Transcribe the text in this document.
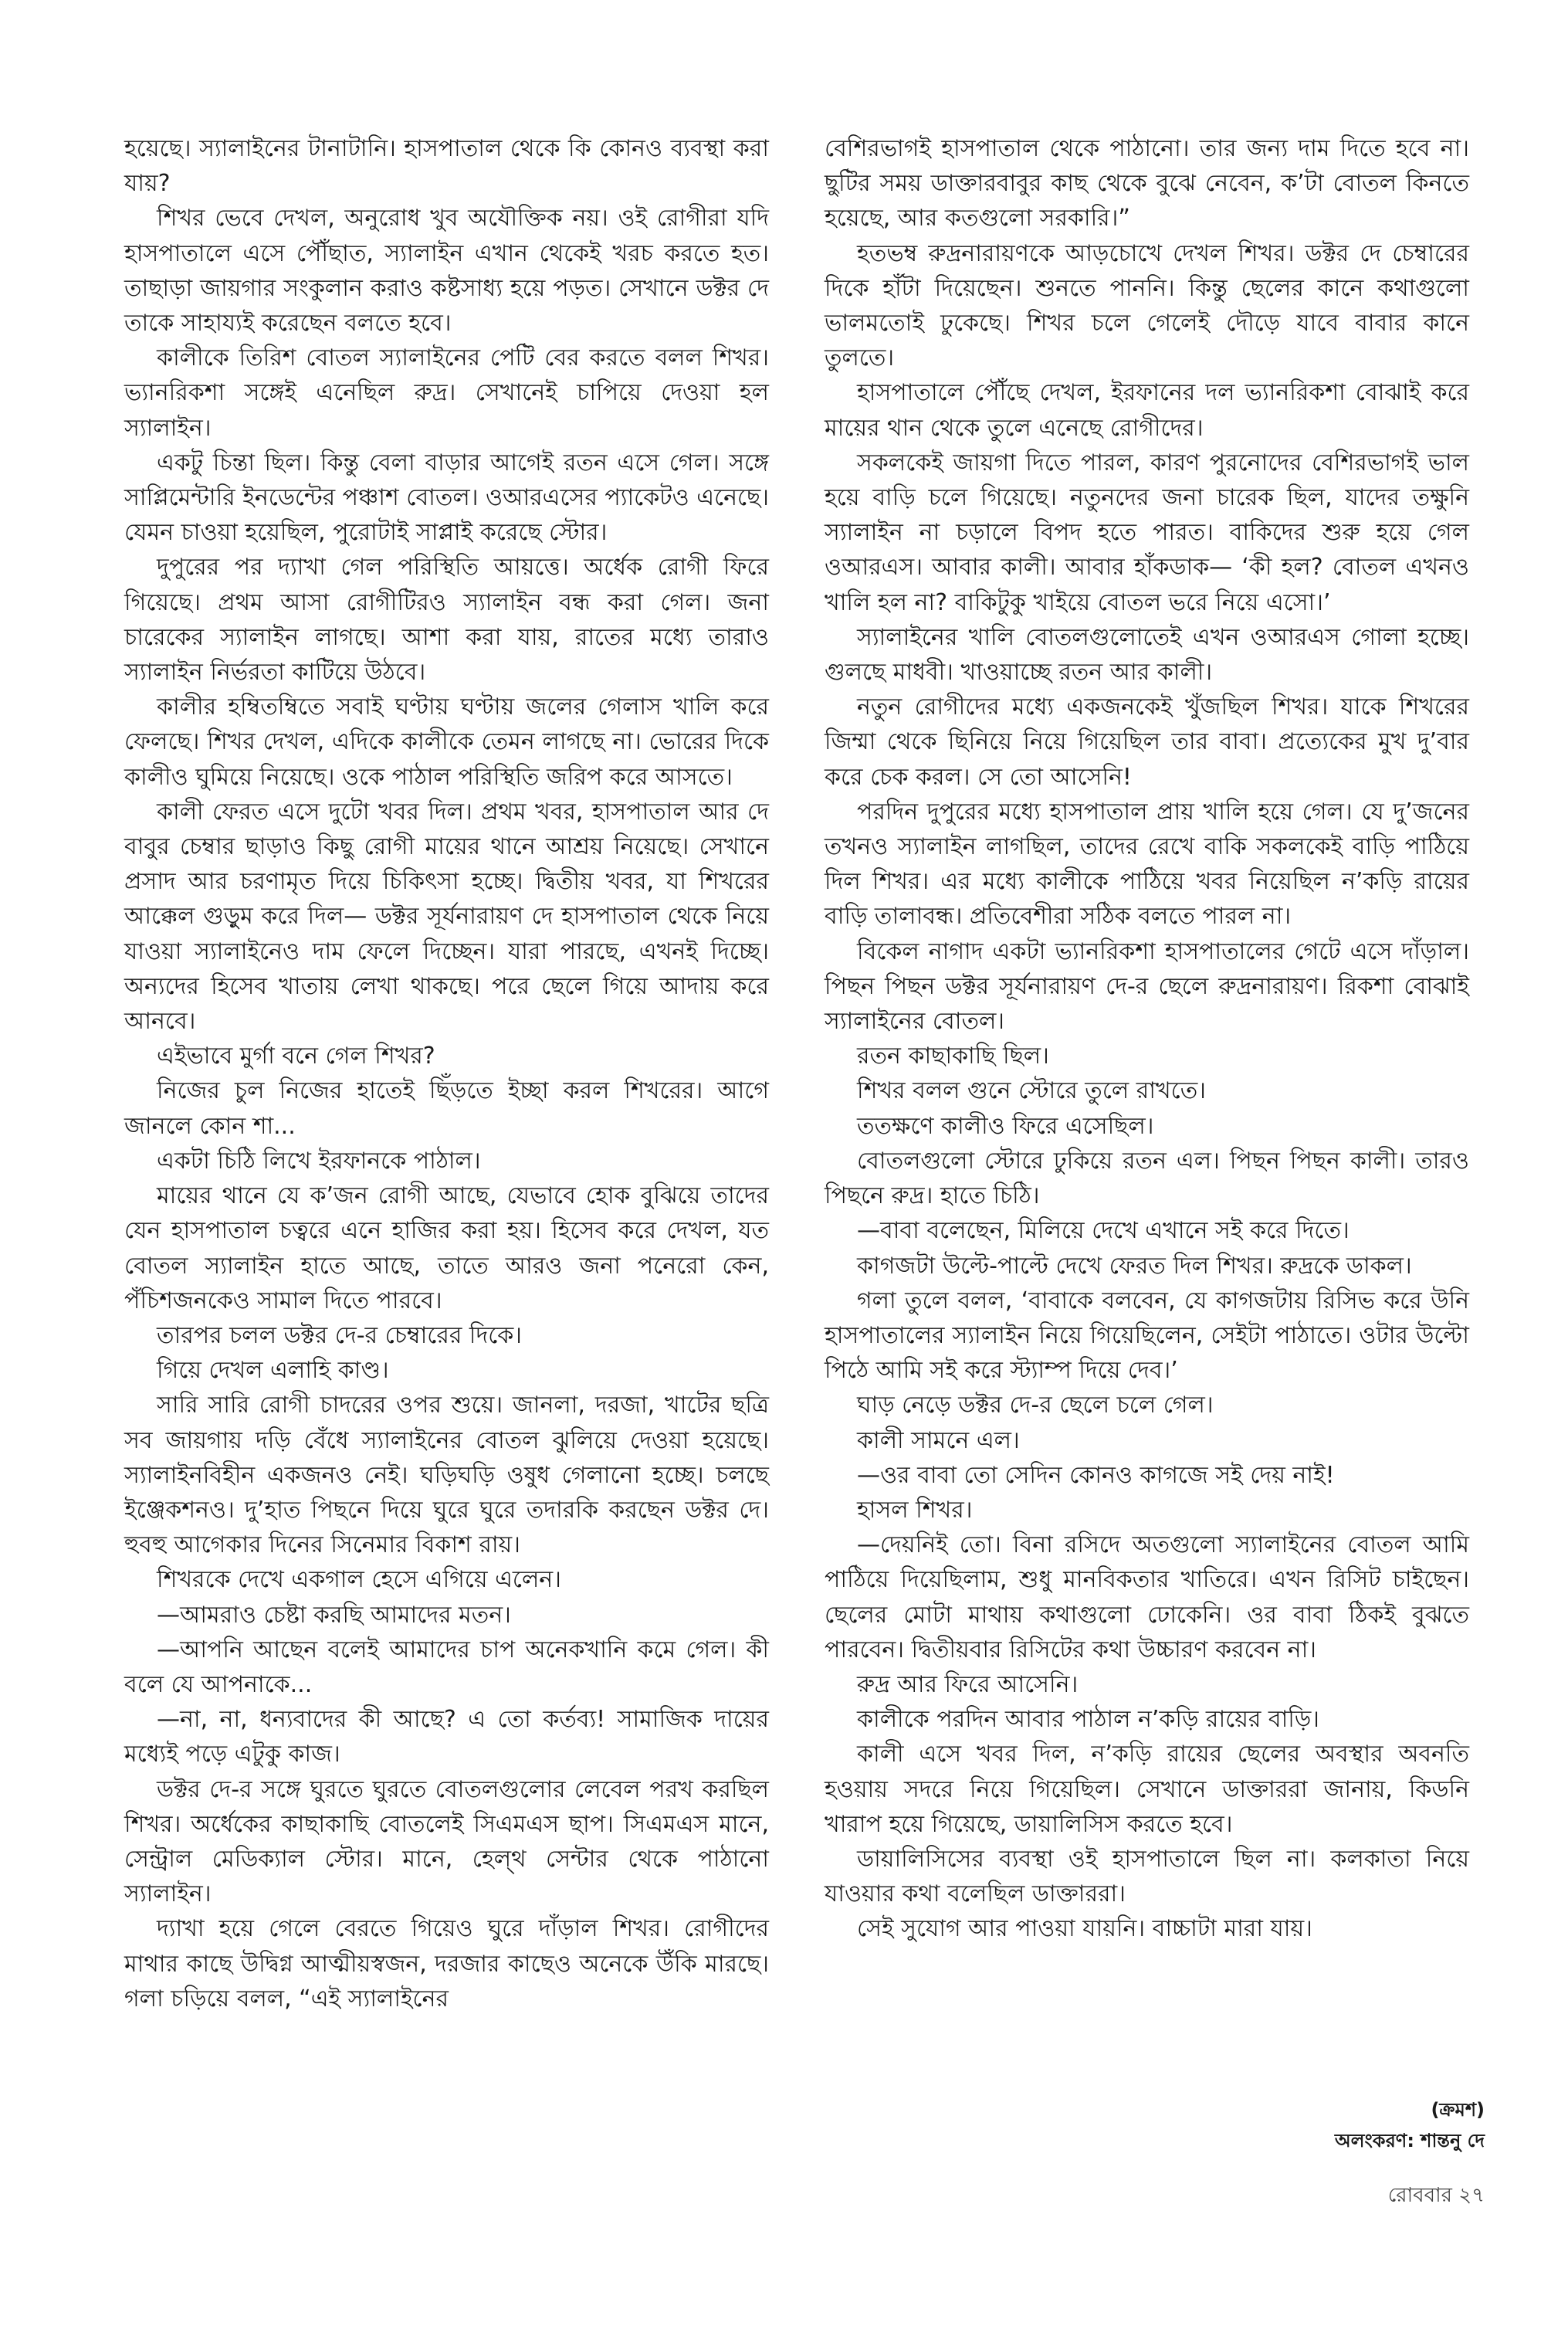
হয়েছে। স্যালাইনের টানাটানি। হাসপাতাল থেকে কি কোনও ব্যবস্থা করা যায়?

শিখর ভেবে দেখল, অনুরোধ খুব অযৌক্তিক নয়। ওই রোগীরা যদি হাসপাতালে এসে পৌঁছাত, স্যালাইন এখান থেকেই খরচ করতে হত। তাছাড়া জায়গার সংকুলান করাও কষ্টসাধ্য হয়ে পড়ত। সেখানে ডক্টর দে তাকে সাহায্যই করেছেন বলতে হবে।

কালীকে তিরিশ বোতল স্যালাইনের পেটি বের করতে বলল শিখর। ভ্যানরিকশা সঙ্গেই এনেছিল রুদ্র। সেখানেই চাপিয়ে দেওয়া হল স্যালাইন।

একটু চিন্তা ছিল। কিন্তু বেলা বাড়ার আগেই রতন এসে গেল। সঙ্গে সাপ্লিমেন্টারি ইনডেন্টের পঞ্চাশ বোতল। ওআরএসের প্যাকেটও এনেছে। যেমন চাওয়া হয়েছিল, পুরোটাই সাপ্লাই করেছে স্টোর।

দুপুরের পর দ্যাখা গেল পরিস্থিতি আয়ত্তে। অর্ধেক রোগী ফিরে গিয়েছে। প্রথম আসা রোগীটিরও স্যালাইন বন্ধ করা গেল। জনা চারেকের স্যালাইন লাগছে। আশা করা যায়, রাতের মধ্যে তারাও স্যালাইন নির্ভরতা কাটিয়ে উঠবে।

কালীর হম্বিতম্বিতে সবাই ঘণ্টায় ঘণ্টায় জলের গেলাস খালি করে ফেলছে। শিখর দেখল, এদিকে কালীকে তেমন লাগছে না। ভোরের দিকে কালীও ঘুমিয়ে নিয়েছে। ওকে পাঠাল পরিস্থিতি জরিপ করে আসতে।

কালী ফেরত এসে দুটো খবর দিল। প্রথম খবর, হাসপাতাল আর দে বাবুর চেম্বার ছাড়াও কিছু রোগী মায়ের থানে আশ্রয় নিয়েছে। সেখানে প্রসাদ আর চরণামৃত দিয়ে চিকিৎসা হচ্ছে। দ্বিতীয় খবর, যা শিখরের আক্কেল গুড়ুম করে দিল— ডক্টর সূর্যনারায়ণ দে হাসপাতাল থেকে নিয়ে যাওয়া স্যালাইনেও দাম ফেলে দিচ্ছেন। যারা পারছে, এখনই দিচ্ছে। অন্যদের হিসেব খাতায় লেখা থাকছে। পরে ছেলে গিয়ে আদায় করে আনবে।

এইভাবে মুর্গা বনে গেল শিখর?

নিজের চুল নিজের হাতেই ছিঁড়তে ইচ্ছা করল শিখরের। আগে জানলে কোন শা...

একটা চিঠি লিখে ইরফানকে পাঠাল।

মায়ের থানে যে ক’জন রোগী আছে, যেভাবে হোক বুঝিয়ে তাদের যেন হাসপাতাল চত্বরে এনে হাজির করা হয়। হিসেব করে দেখল, যত বোতল স্যালাইন হাতে আছে, তাতে আরও জনা পনেরো কেন, পঁচিশজনকেও সামাল দিতে পারবে।

তারপর চলল ডক্টর দে-র চেম্বারের দিকে।

গিয়ে দেখল এলাহি কাণ্ড।

সারি সারি রোগী চাদরের ওপর শুয়ে। জানলা, দরজা, খাটের ছত্রি সব জায়গায় দড়ি বেঁধে স্যালাইনের বোতল ঝুলিয়ে দেওয়া হয়েছে। স্যালাইনবিহীন একজনও নেই। ঘড়িঘড়ি ওষুধ গেলানো হচ্ছে। চলছে ইঞ্জেকশনও। দু’হাত পিছনে দিয়ে ঘুরে ঘুরে তদারকি করছেন ডক্টর দে। হুবহু আগেকার দিনের সিনেমার বিকাশ রায়।

শিখরকে দেখে একগাল হেসে এগিয়ে এলেন।

—আমরাও চেষ্টা করছি আমাদের মতন।

—আপনি আছেন বলেই আমাদের চাপ অনেকখানি কমে গেল। কী বলে যে আপনাকে...

—না, না, ধন্যবাদের কী আছে? এ তো কর্তব্য! সামাজিক দায়ের মধ্যেই পড়ে এটুকু কাজ।

ডক্টর দে-র সঙ্গে ঘুরতে ঘুরতে বোতলগুলোর লেবেল পরখ করছিল শিখর। অর্ধেকের কাছাকাছি বোতলেই সিএমএস ছাপ। সিএমএস মানে, সেন্ট্রাল মেডিক্যাল স্টোর। মানে, হেল্‌থ সেন্টার থেকে পাঠানো স্যালাইন।

দ্যাখা হয়ে গেলে বেরতে গিয়েও ঘুরে দাঁড়াল শিখর। রোগীদের মাথার কাছে উদ্বিগ্ন আত্মীয়স্বজন, দরজার কাছেও অনেকে উঁকি মারছে। গলা চড়িয়ে বলল, “এই স্যালাইনের

বেশিরভাগই হাসপাতাল থেকে পাঠানো। তার জন্য দাম দিতে হবে না। ছুটির সময় ডাক্তারবাবুর কাছ থেকে বুঝে নেবেন, ক’টা বোতল কিনতে হয়েছে, আর কতগুলো সরকারি।”

হতভম্ব রুদ্রনারায়ণকে আড়চোখে দেখল শিখর। ডক্টর দে চেম্বারের দিকে হাঁটা দিয়েছেন। শুনতে পাননি। কিন্তু ছেলের কানে কথাগুলো ভালমতোই ঢুকেছে। শিখর চলে গেলেই দৌড়ে যাবে বাবার কানে তুলতে।

হাসপাতালে পৌঁছে দেখল, ইরফানের দল ভ্যানরিকশা বোঝাই করে মায়ের থান থেকে তুলে এনেছে রোগীদের।

সকলকেই জায়গা দিতে পারল, কারণ পুরনোদের বেশিরভাগই ভাল হয়ে বাড়ি চলে গিয়েছে। নতুনদের জনা চারেক ছিল, যাদের তক্ষুনি স্যালাইন না চড়ালে বিপদ হতে পারত। বাকিদের শুরু হয়ে গেল ওআরএস। আবার কালী। আবার হাঁকডাক— ‘কী হল? বোতল এখনও খালি হল না? বাকিটুকু খাইয়ে বোতল ভরে নিয়ে এসো।’

স্যালাইনের খালি বোতলগুলোতেই এখন ওআরএস গোলা হচ্ছে। গুলছে মাধবী। খাওয়াচ্ছে রতন আর কালী।

নতুন রোগীদের মধ্যে একজনকেই খুঁজছিল শিখর। যাকে শিখরের জিম্মা থেকে ছিনিয়ে নিয়ে গিয়েছিল তার বাবা। প্রত্যেকের মুখ দু’বার করে চেক করল। সে তো আসেনি!

পরদিন দুপুরের মধ্যে হাসপাতাল প্রায় খালি হয়ে গেল। যে দু’জনের তখনও স্যালাইন লাগছিল, তাদের রেখে বাকি সকলকেই বাড়ি পাঠিয়ে দিল শিখর। এর মধ্যে কালীকে পাঠিয়ে খবর নিয়েছিল ন’কড়ি রায়ের বাড়ি তালাবন্ধ। প্রতিবেশীরা সঠিক বলতে পারল না।

বিকেল নাগাদ একটা ভ্যানরিকশা হাসপাতালের গেটে এসে দাঁড়াল। পিছন পিছন ডক্টর সূর্যনারায়ণ দে-র ছেলে রুদ্রনারায়ণ। রিকশা বোঝাই স্যালাইনের বোতল।

রতন কাছাকাছি ছিল।

শিখর বলল গুনে স্টোরে তুলে রাখতে।

ততক্ষণে কালীও ফিরে এসেছিল।

বোতলগুলো স্টোরে ঢুকিয়ে রতন এল। পিছন পিছন কালী। তারও পিছনে রুদ্র। হাতে চিঠি।

—বাবা বলেছেন, মিলিয়ে দেখে এখানে সই করে দিতে।

কাগজটা উল্টে-পাল্টে দেখে ফেরত দিল শিখর। রুদ্রকে ডাকল।

গলা তুলে বলল, ‘বাবাকে বলবেন, যে কাগজটায় রিসিভ করে উনি হাসপাতালের স্যালাইন নিয়ে গিয়েছিলেন, সেইটা পাঠাতে। ওটার উল্টো পিঠে আমি সই করে স্ট্যাম্প দিয়ে দেব।’

ঘাড় নেড়ে ডক্টর দে-র ছেলে চলে গেল।

কালী সামনে এল।

—ওর বাবা তো সেদিন কোনও কাগজে সই দেয় নাই!

হাসল শিখর।

—দেয়নিই তো। বিনা রসিদে অতগুলো স্যালাইনের বোতল আমি পাঠিয়ে দিয়েছিলাম, শুধু মানবিকতার খাতিরে। এখন রিসিট চাইছেন। ছেলের মোটা মাথায় কথাগুলো ঢোকেনি। ওর বাবা ঠিকই বুঝতে পারবেন। দ্বিতীয়বার রিসিটের কথা উচ্চারণ করবেন না।

রুদ্র আর ফিরে আসেনি।

কালীকে পরদিন আবার পাঠাল ন’কড়ি রায়ের বাড়ি।

কালী এসে খবর দিল, ন’কড়ি রায়ের ছেলের অবস্থার অবনতি হওয়ায় সদরে নিয়ে গিয়েছিল। সেখানে ডাক্তাররা জানায়, কিডনি খারাপ হয়ে গিয়েছে, ডায়ালিসিস করতে হবে।

ডায়ালিসিসের ব্যবস্থা ওই হাসপাতালে ছিল না। কলকাতা নিয়ে যাওয়ার কথা বলেছিল ডাক্তাররা।

সেই সুযোগ আর পাওয়া যায়নি। বাচ্চাটা মারা যায়।

(ক্রমশ)
অলংকরণ: শান্তনু দে
রোববার ২৭
